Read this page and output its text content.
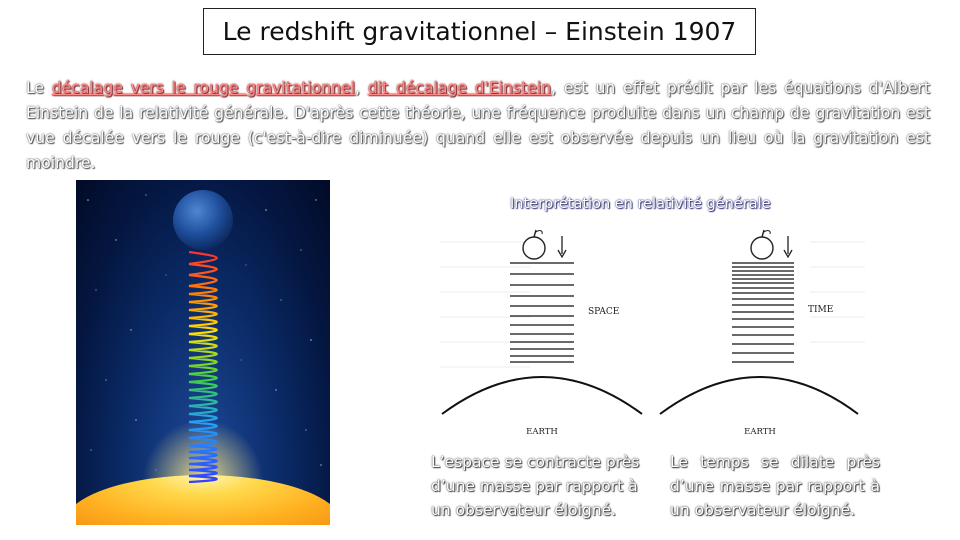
Le redshift gravitationnel – Einstein 1907

Le décalage vers le rouge gravitationnel, dit décalage d'Einstein, est un effet prédit par les équations d'Albert Einstein de la relativité générale. D'après cette théorie, une fréquence produite dans un champ de gravitation est vue décalée vers le rouge (c'est-à-dire diminuée) quand elle est observée depuis un lieu où la gravitation est moindre.

Interprétation en relativité générale
SPACE
EARTH
TIME
EARTH
L’espace se contracte près d’une masse par rapport à un observateur éloigné.
Le temps se dilate près d’une masse par rapport à un observateur éloigné.
